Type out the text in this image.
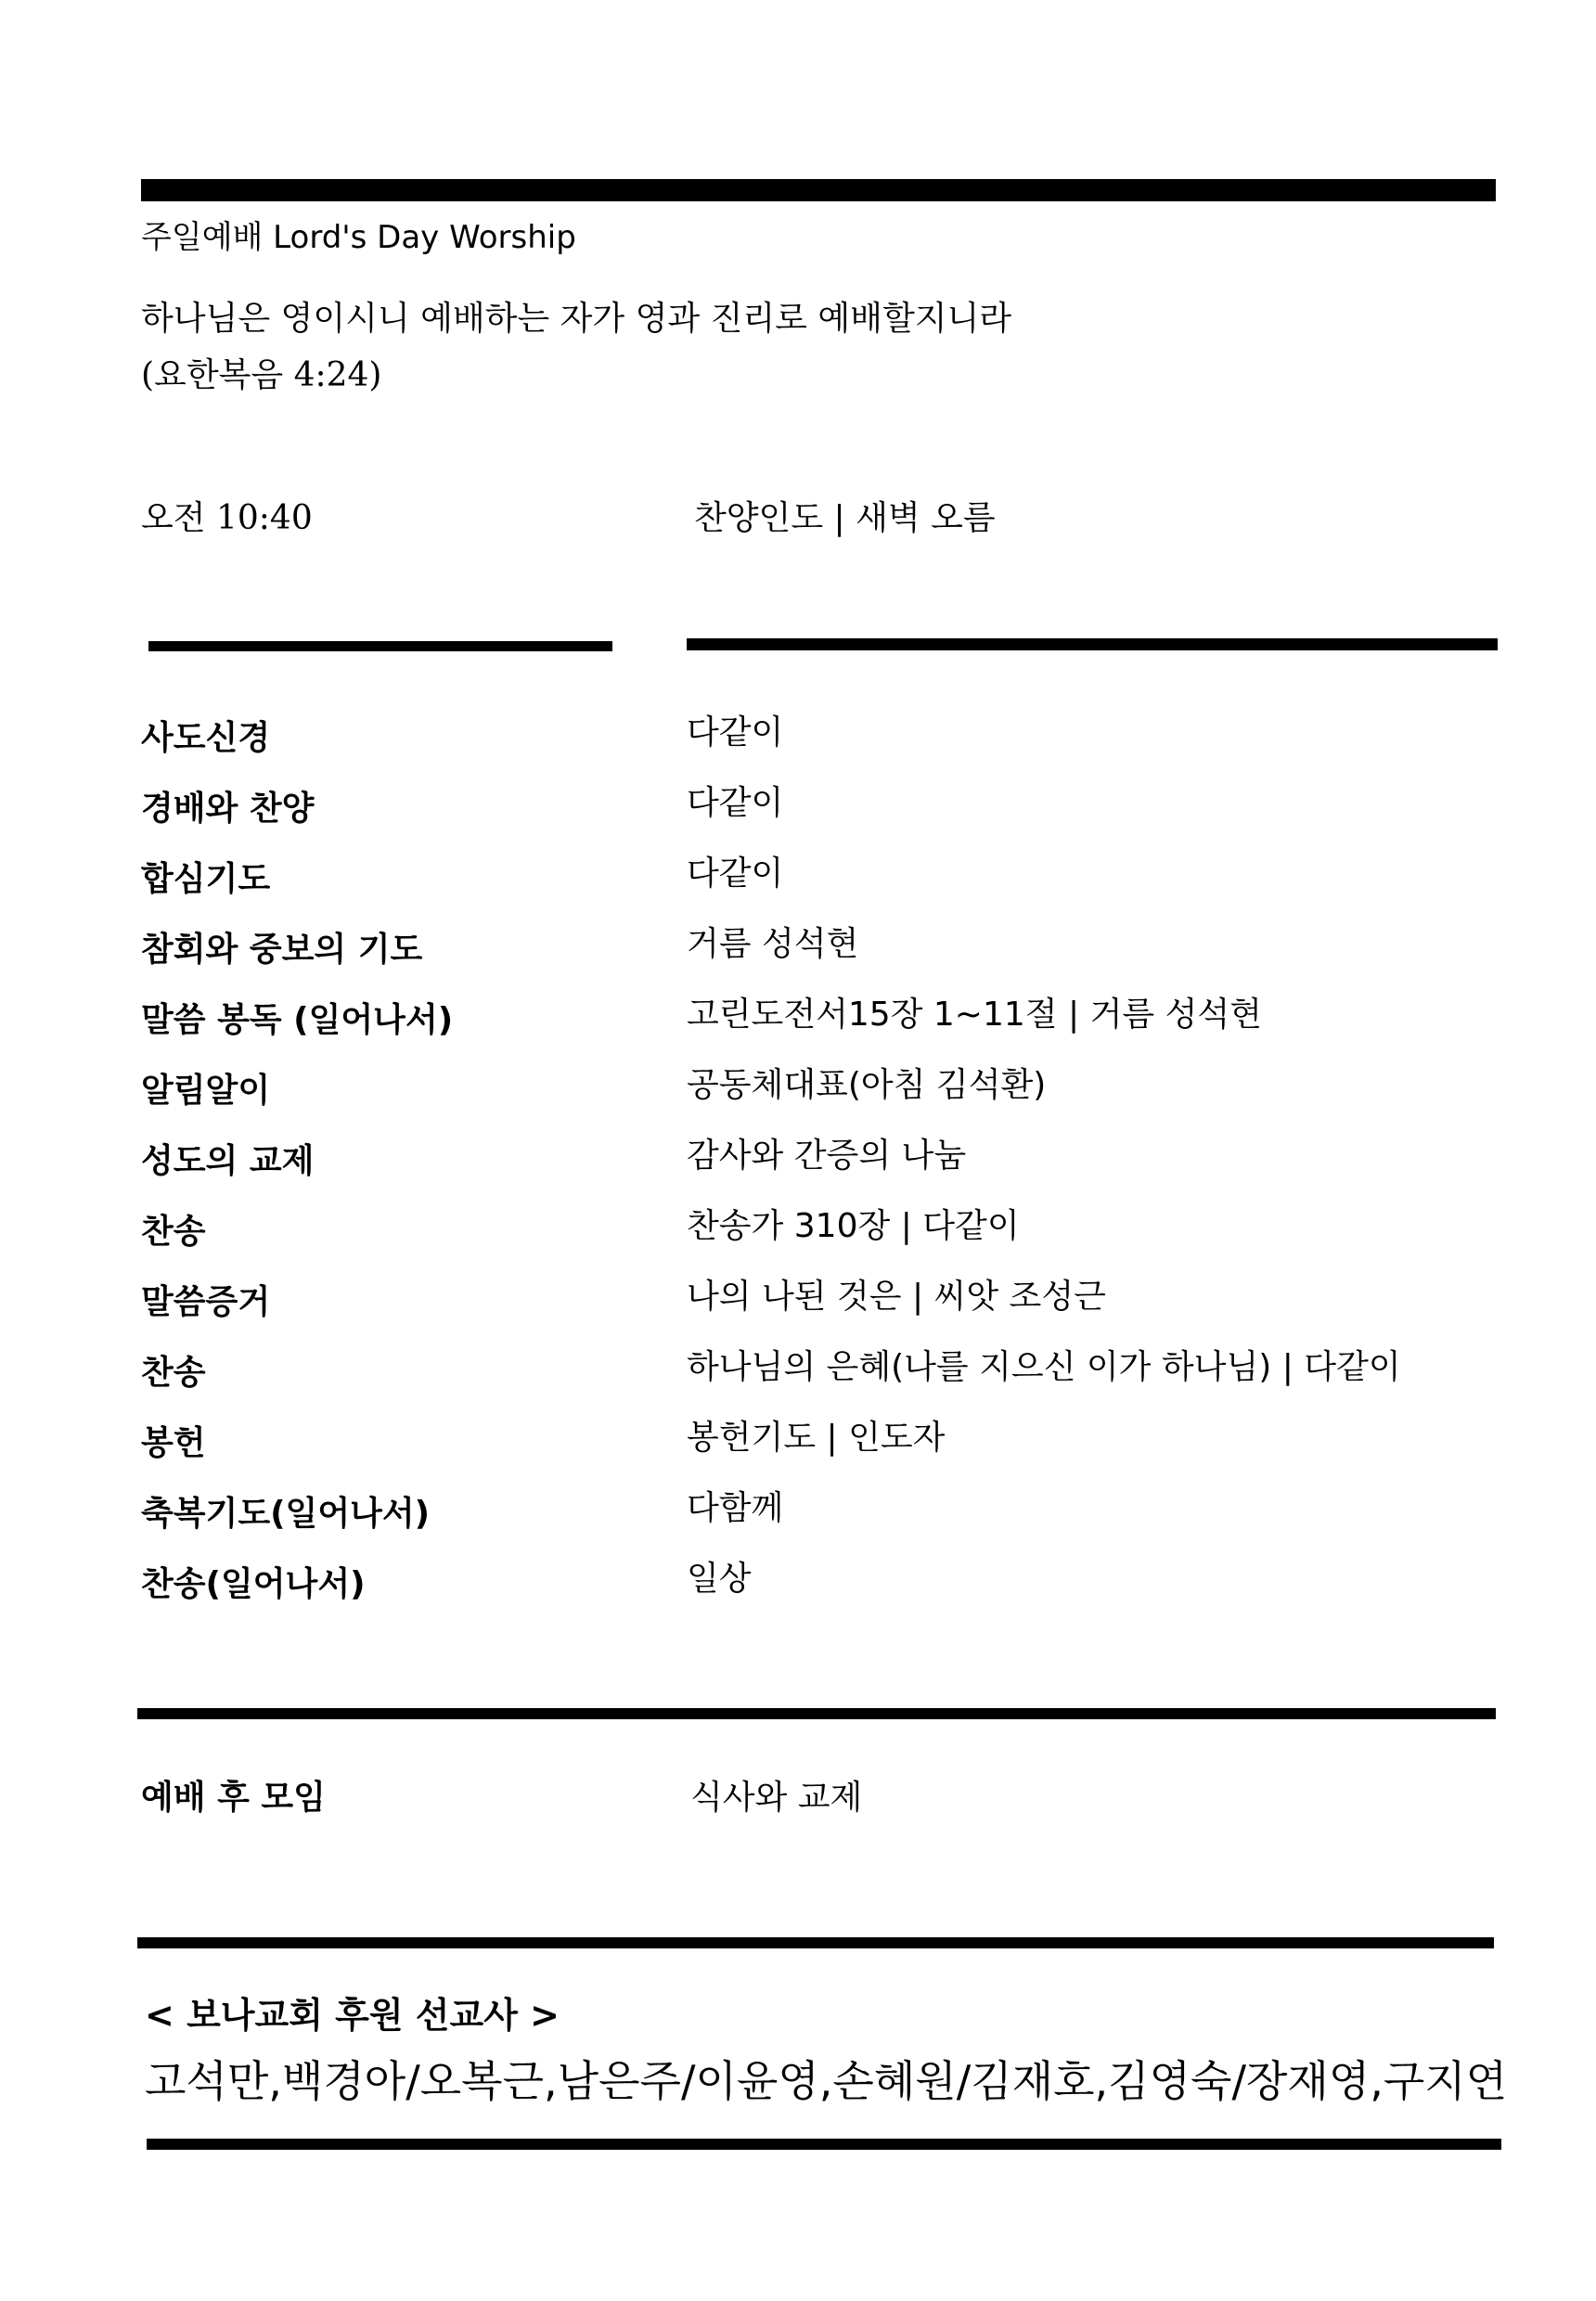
주일예배 Lord's Day Worship
하나님은 영이시니 예배하는 자가 영과 진리로 예배할지니라
(요한복음 4:24)
오전 10:40	찬양인도 | 새벽 오름
사도신경	다같이
경배와 찬양	다같이
합심기도	다같이
참회와 중보의 기도	거름 성석현
말씀 봉독 (일어나서)	고린도전서15장 1~11절 | 거름 성석현
알림알이	공동체대표(아침 김석환)
성도의 교제	감사와 간증의 나눔
찬송	찬송가 310장 | 다같이
말씀증거	나의 나된 것은 | 씨앗 조성근
찬송	하나님의 은혜(나를 지으신 이가 하나님) | 다같이
봉헌	봉헌기도 | 인도자
축복기도(일어나서)	다함께
찬송(일어나서)	일상
예배 후 모임	식사와 교제
< 보나교회 후원 선교사 >
고석만,백경아/오복근,남은주/이윤영,손혜원/김재호,김영숙/장재영,구지연
